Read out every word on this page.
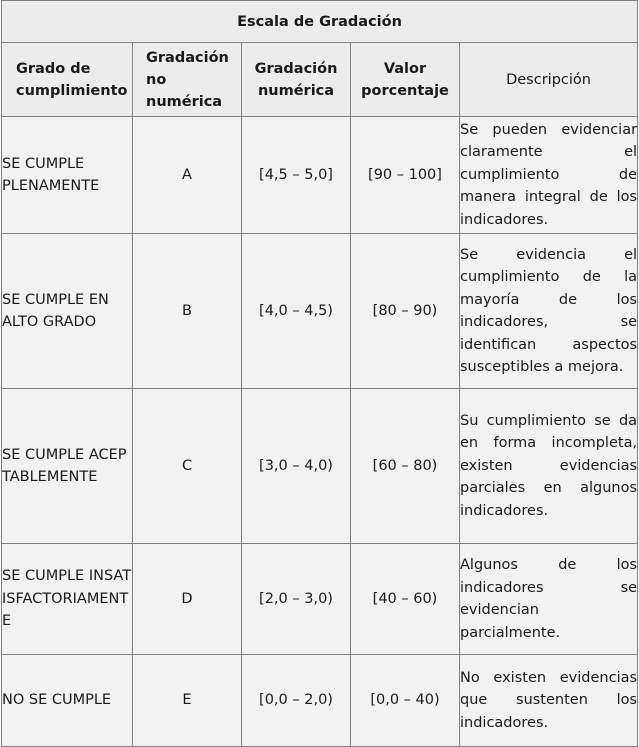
Escala de Gradación				
Grado de cumplimiento	Gradación no numérica	Gradación numérica	Valor porcentaje	Descripción
SE CUMPLE PLENAMENTE	A	[4,5 – 5,0]	[90 – 100]	Se pueden evidenciar claramente el cumplimiento de manera integral de los indicadores.
SE CUMPLE EN ALTO GRADO	B	[4,0 – 4,5)	[80 – 90)	Se evidencia el cumplimiento de la mayoría de los indicadores, se identifican aspectos susceptibles a mejora.
SE CUMPLE ACEPTABLEMENTE	C	[3,0 – 4,0)	[60 – 80)	Su cumplimiento se da en forma incompleta, existen evidencias parciales en algunos indicadores.
SE CUMPLE INSATISFACTORIAMENTE	D	[2,0 – 3,0)	[40 – 60)	Algunos de los indicadores se evidencian parcialmente.
NO SE CUMPLE	E	[0,0 – 2,0)	[0,0 – 40)	No existen evidencias que sustenten los indicadores.
